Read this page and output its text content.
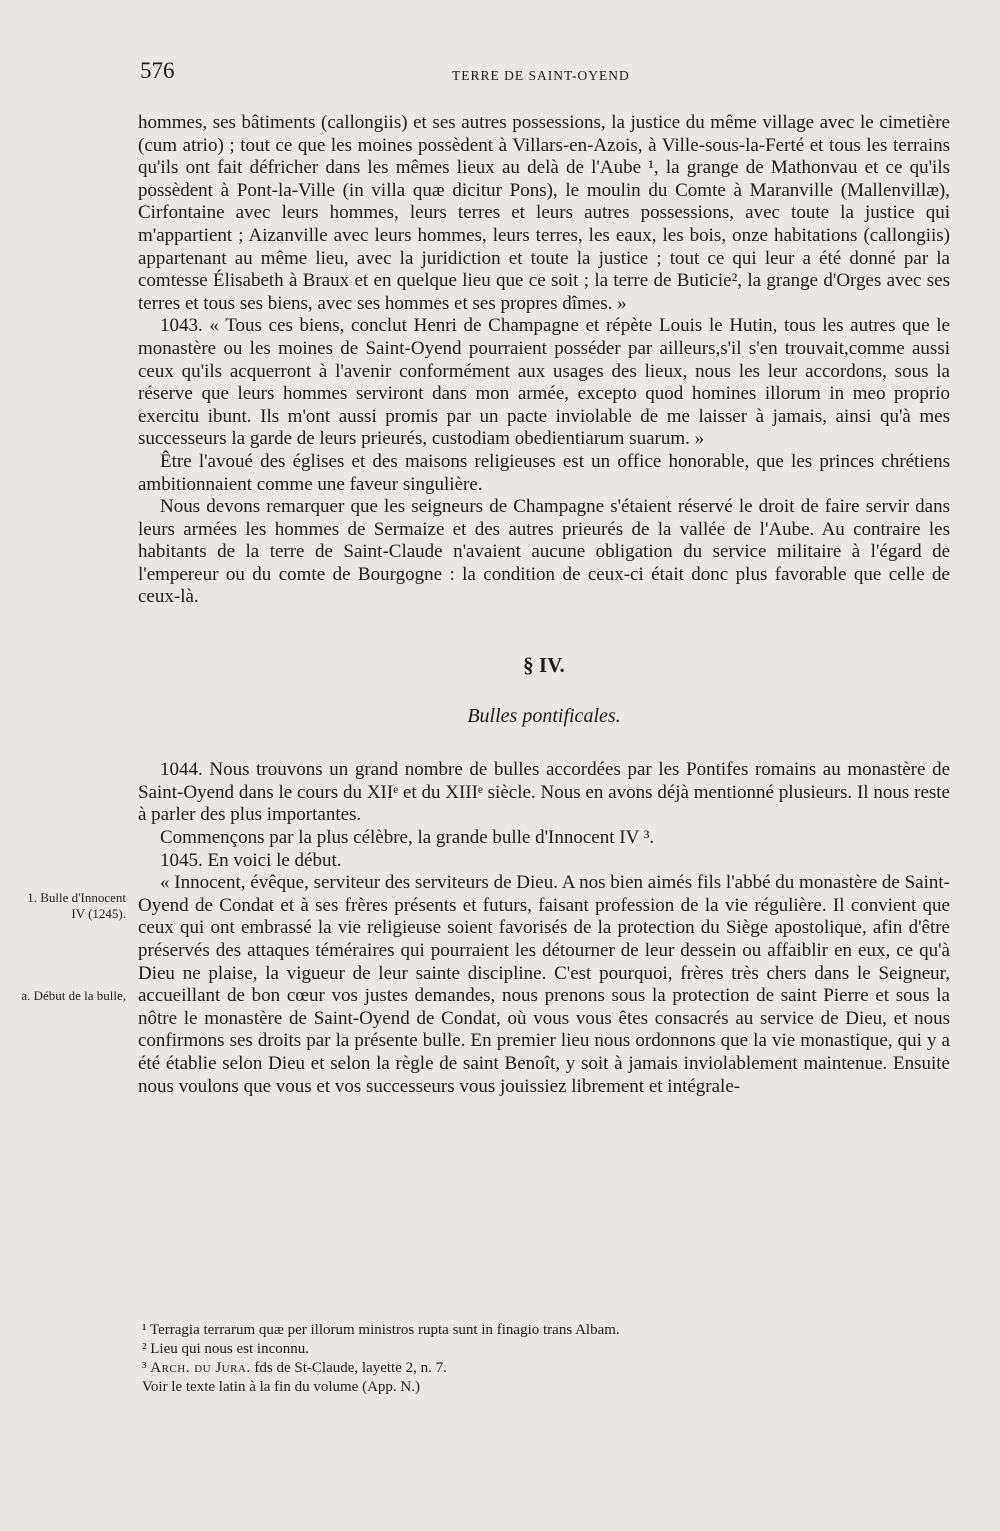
576	TERRE DE SAINT-OYEND

hommes, ses bâtiments (callongiis) et ses autres possessions, la justice du même village avec le cimetière (cum atrio) ; tout ce que les moines possèdent à Villars-en-Azois, à Ville-sous-la-Ferté et tous les terrains qu'ils ont fait défricher dans les mêmes lieux au delà de l'Aube ¹, la grange de Mathonvau et ce qu'ils possèdent à Pont-la-Ville (in villa quæ dicitur Pons), le moulin du Comte à Maranville (Mallenvillæ), Cirfontaine avec leurs hommes, leurs terres et leurs autres possessions, avec toute la justice qui m'appartient ; Aizanville avec leurs hommes, leurs terres, les eaux, les bois, onze habitations (callongiis) appartenant au même lieu, avec la juridiction et toute la justice ; tout ce qui leur a été donné par la comtesse Élisabeth à Braux et en quelque lieu que ce soit ; la terre de Buticie², la grange d'Orges avec ses terres et tous ses biens, avec ses hommes et ses propres dîmes. »

1043. « Tous ces biens, conclut Henri de Champagne et répète Louis le Hutin, tous les autres que le monastère ou les moines de Saint-Oyend pourraient posséder par ailleurs,s'il s'en trouvait,comme aussi ceux qu'ils acquerront à l'avenir conformément aux usages des lieux, nous les leur accordons, sous la réserve que leurs hommes serviront dans mon armée, excepto quod homines illorum in meo proprio exercitu ibunt. Ils m'ont aussi promis par un pacte inviolable de me laisser à jamais, ainsi qu'à mes successeurs la garde de leurs prieurés, custodiam obedientiarum suarum. »

Être l'avoué des églises et des maisons religieuses est un office honorable, que les princes chrétiens ambitionnaient comme une faveur singulière.

Nous devons remarquer que les seigneurs de Champagne s'étaient réservé le droit de faire servir dans leurs armées les hommes de Sermaize et des autres prieurés de la vallée de l'Aube. Au contraire les habitants de la terre de Saint-Claude n'avaient aucune obligation du service militaire à l'égard de l'empereur ou du comte de Bourgogne : la condition de ceux-ci était donc plus favorable que celle de ceux-là.

§ IV.
Bulles pontificales.

1044. Nous trouvons un grand nombre de bulles accordées par les Pontifes romains au monastère de Saint-Oyend dans le cours du XIIᵉ et du XIIIᵉ siècle. Nous en avons déjà mentionné plusieurs. Il nous reste à parler des plus importantes.

Commençons par la plus célèbre, la grande bulle d'Innocent IV ³.

1045. En voici le début.

« Innocent, évêque, serviteur des serviteurs de Dieu. A nos bien aimés fils l'abbé du monastère de Saint-Oyend de Condat et à ses frères présents et futurs, faisant profession de la vie régulière. Il convient que ceux qui ont embrassé la vie religieuse soient favorisés de la protection du Siège apostolique, afin d'être préservés des attaques téméraires qui pourraient les détourner de leur dessein ou affaiblir en eux, ce qu'à Dieu ne plaise, la vigueur de leur sainte discipline. C'est pourquoi, frères très chers dans le Seigneur, accueillant de bon cœur vos justes demandes, nous prenons sous la protection de saint Pierre et sous la nôtre le monastère de Saint-Oyend de Condat, où vous vous êtes consacrés au service de Dieu, et nous confirmons ses droits par la présente bulle. En premier lieu nous ordonnons que la vie monastique, qui y a été établie selon Dieu et selon la règle de saint Benoît, y soit à jamais inviolablement maintenue. Ensuite nous voulons que vous et vos successeurs vous jouissiez librement et intégrale-

1. Bulle d'Innocent IV (1245).
a. Début de la bulle,

¹ Terragia terrarum quæ per illorum ministros rupta sunt in finagio trans Albam.

² Lieu qui nous est inconnu.

³ Arch. du Jura. fds de St-Claude, layette 2, n. 7.

Voir le texte latin à la fin du volume (App. N.)
